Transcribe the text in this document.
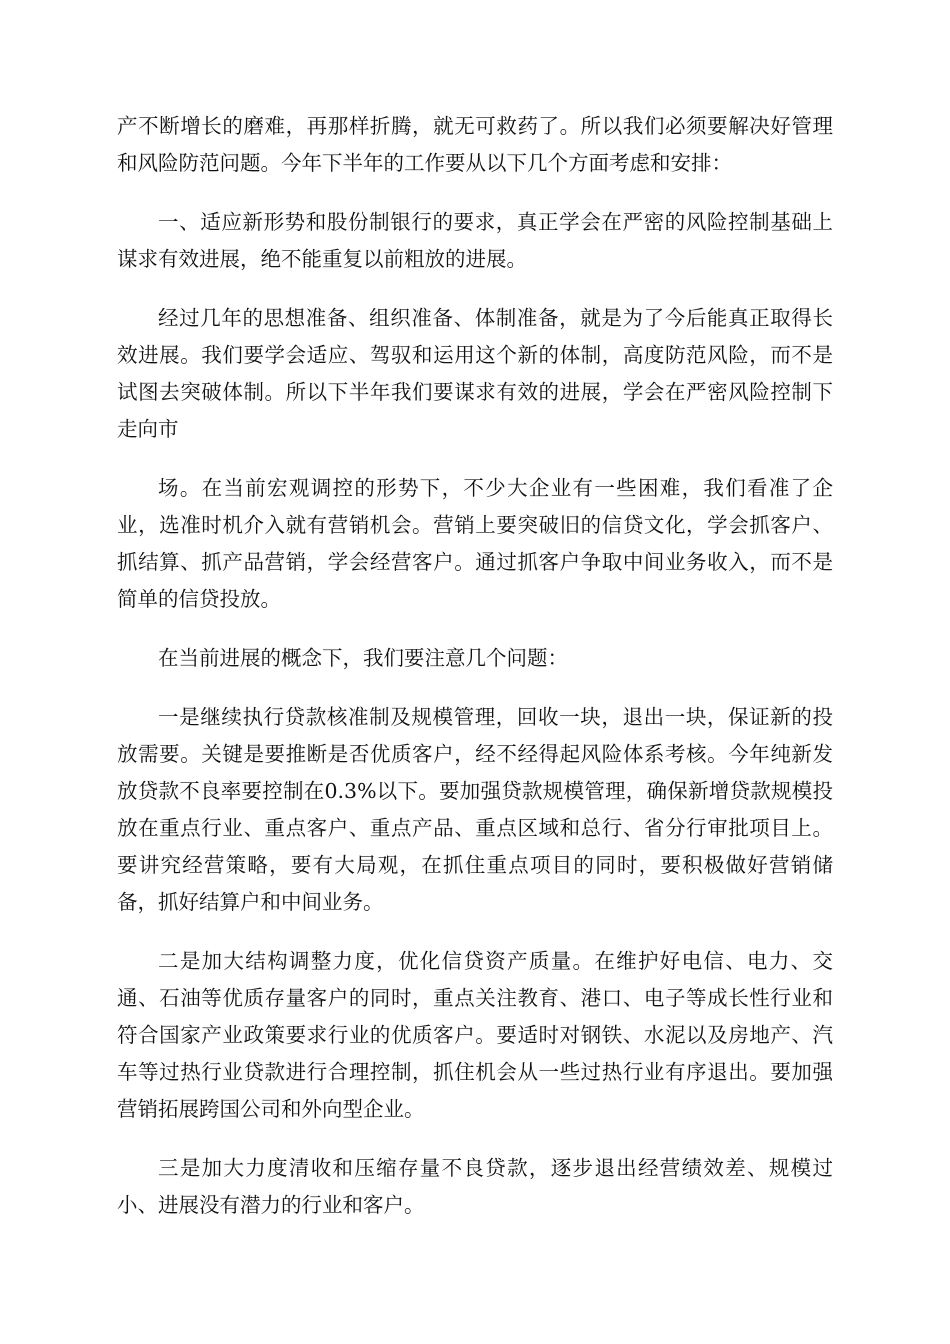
产不断增长的磨难，再那样折腾，就无可救药了。所以我们必须要解决好管理和风险防范问题。今年下半年的工作要从以下几个方面考虑和安排：

一、适应新形势和股份制银行的要求，真正学会在严密的风险控制基础上谋求有效进展，绝不能重复以前粗放的进展。

经过几年的思想准备、组织准备、体制准备，就是为了今后能真正取得长效进展。我们要学会适应、驾驭和运用这个新的体制，高度防范风险，而不是试图去突破体制。所以下半年我们要谋求有效的进展，学会在严密风险控制下走向市

场。在当前宏观调控的形势下，不少大企业有一些困难，我们看准了企业，选准时机介入就有营销机会。营销上要突破旧的信贷文化，学会抓客户、抓结算、抓产品营销，学会经营客户。通过抓客户争取中间业务收入，而不是简单的信贷投放。

在当前进展的概念下，我们要注意几个问题：

一是继续执行贷款核准制及规模管理，回收一块，退出一块，保证新的投放需要。关键是要推断是否优质客户，经不经得起风险体系考核。今年纯新发放贷款不良率要控制在0.3%以下。要加强贷款规模管理，确保新增贷款规模投放在重点行业、重点客户、重点产品、重点区域和总行、省分行审批项目上。要讲究经营策略，要有大局观，在抓住重点项目的同时，要积极做好营销储备，抓好结算户和中间业务。

二是加大结构调整力度，优化信贷资产质量。在维护好电信、电力、交通、石油等优质存量客户的同时，重点关注教育、港口、电子等成长性行业和符合国家产业政策要求行业的优质客户。要适时对钢铁、水泥以及房地产、汽车等过热行业贷款进行合理控制，抓住机会从一些过热行业有序退出。要加强营销拓展跨国公司和外向型企业。

三是加大力度清收和压缩存量不良贷款，逐步退出经营绩效差、规模过小、进展没有潜力的行业和客户。
